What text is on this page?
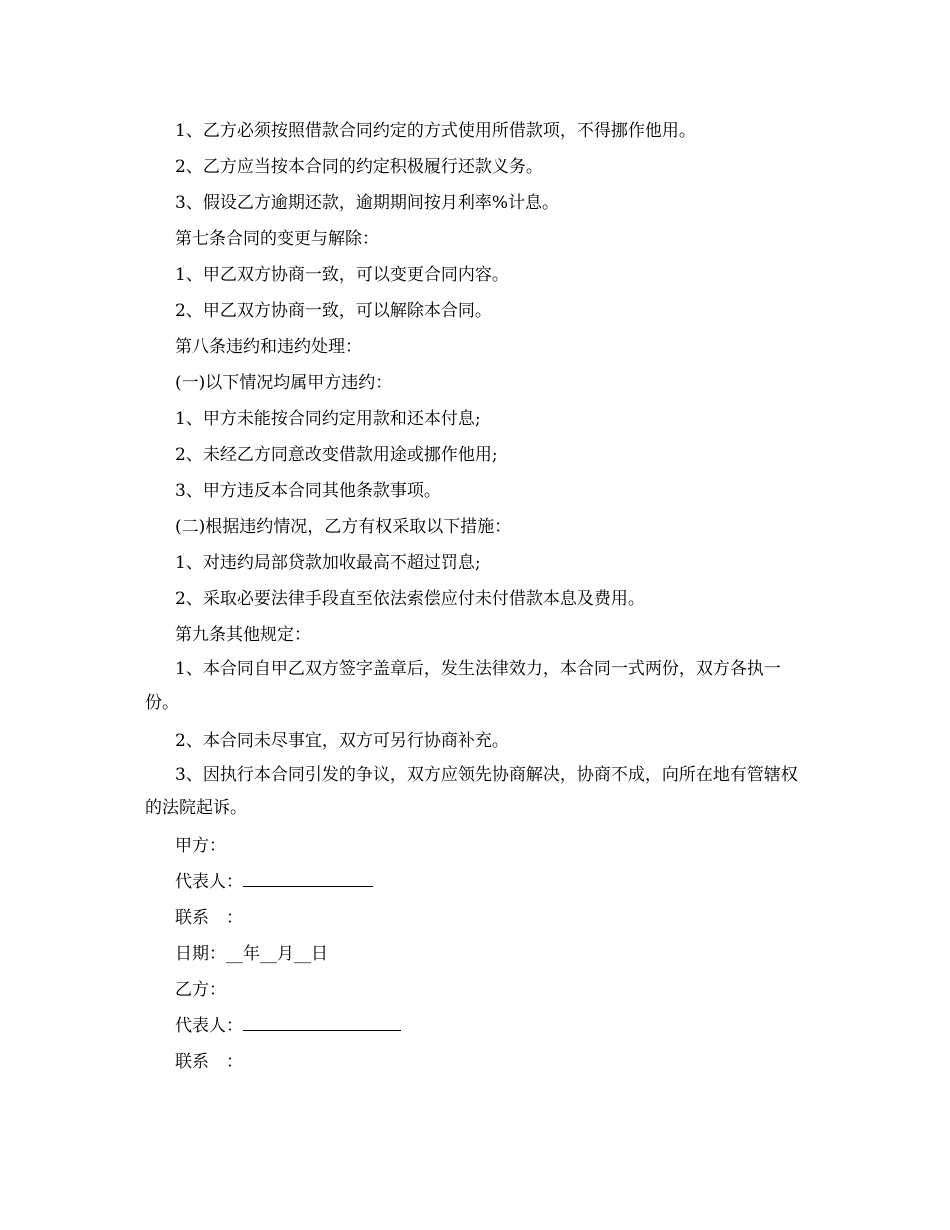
1、乙方必须按照借款合同约定的方式使用所借款项，不得挪作他用。

2、乙方应当按本合同的约定积极履行还款义务。

3、假设乙方逾期还款，逾期期间按月利率%计息。

第七条合同的变更与解除：

1、甲乙双方协商一致，可以变更合同内容。

2、甲乙双方协商一致，可以解除本合同。

第八条违约和违约处理：

(一)以下情况均属甲方违约：

1、甲方未能按合同约定用款和还本付息;

2、未经乙方同意改变借款用途或挪作他用;

3、甲方违反本合同其他条款事项。

(二)根据违约情况，乙方有权采取以下措施：

1、对违约局部贷款加收最高不超过罚息;

2、采取必要法律手段直至依法索偿应付未付借款本息及费用。

第九条其他规定：

1、本合同自甲乙双方签字盖章后，发生法律效力，本合同一式两份，双方各执一份。

2、本合同未尽事宜，双方可另行协商补充。

3、因执行本合同引发的争议，双方应领先协商解决，协商不成，向所在地有管辖权的法院起诉。

甲方：

代表人：

联系　：

日期：__年__月__日

乙方：

代表人：

联系　：
